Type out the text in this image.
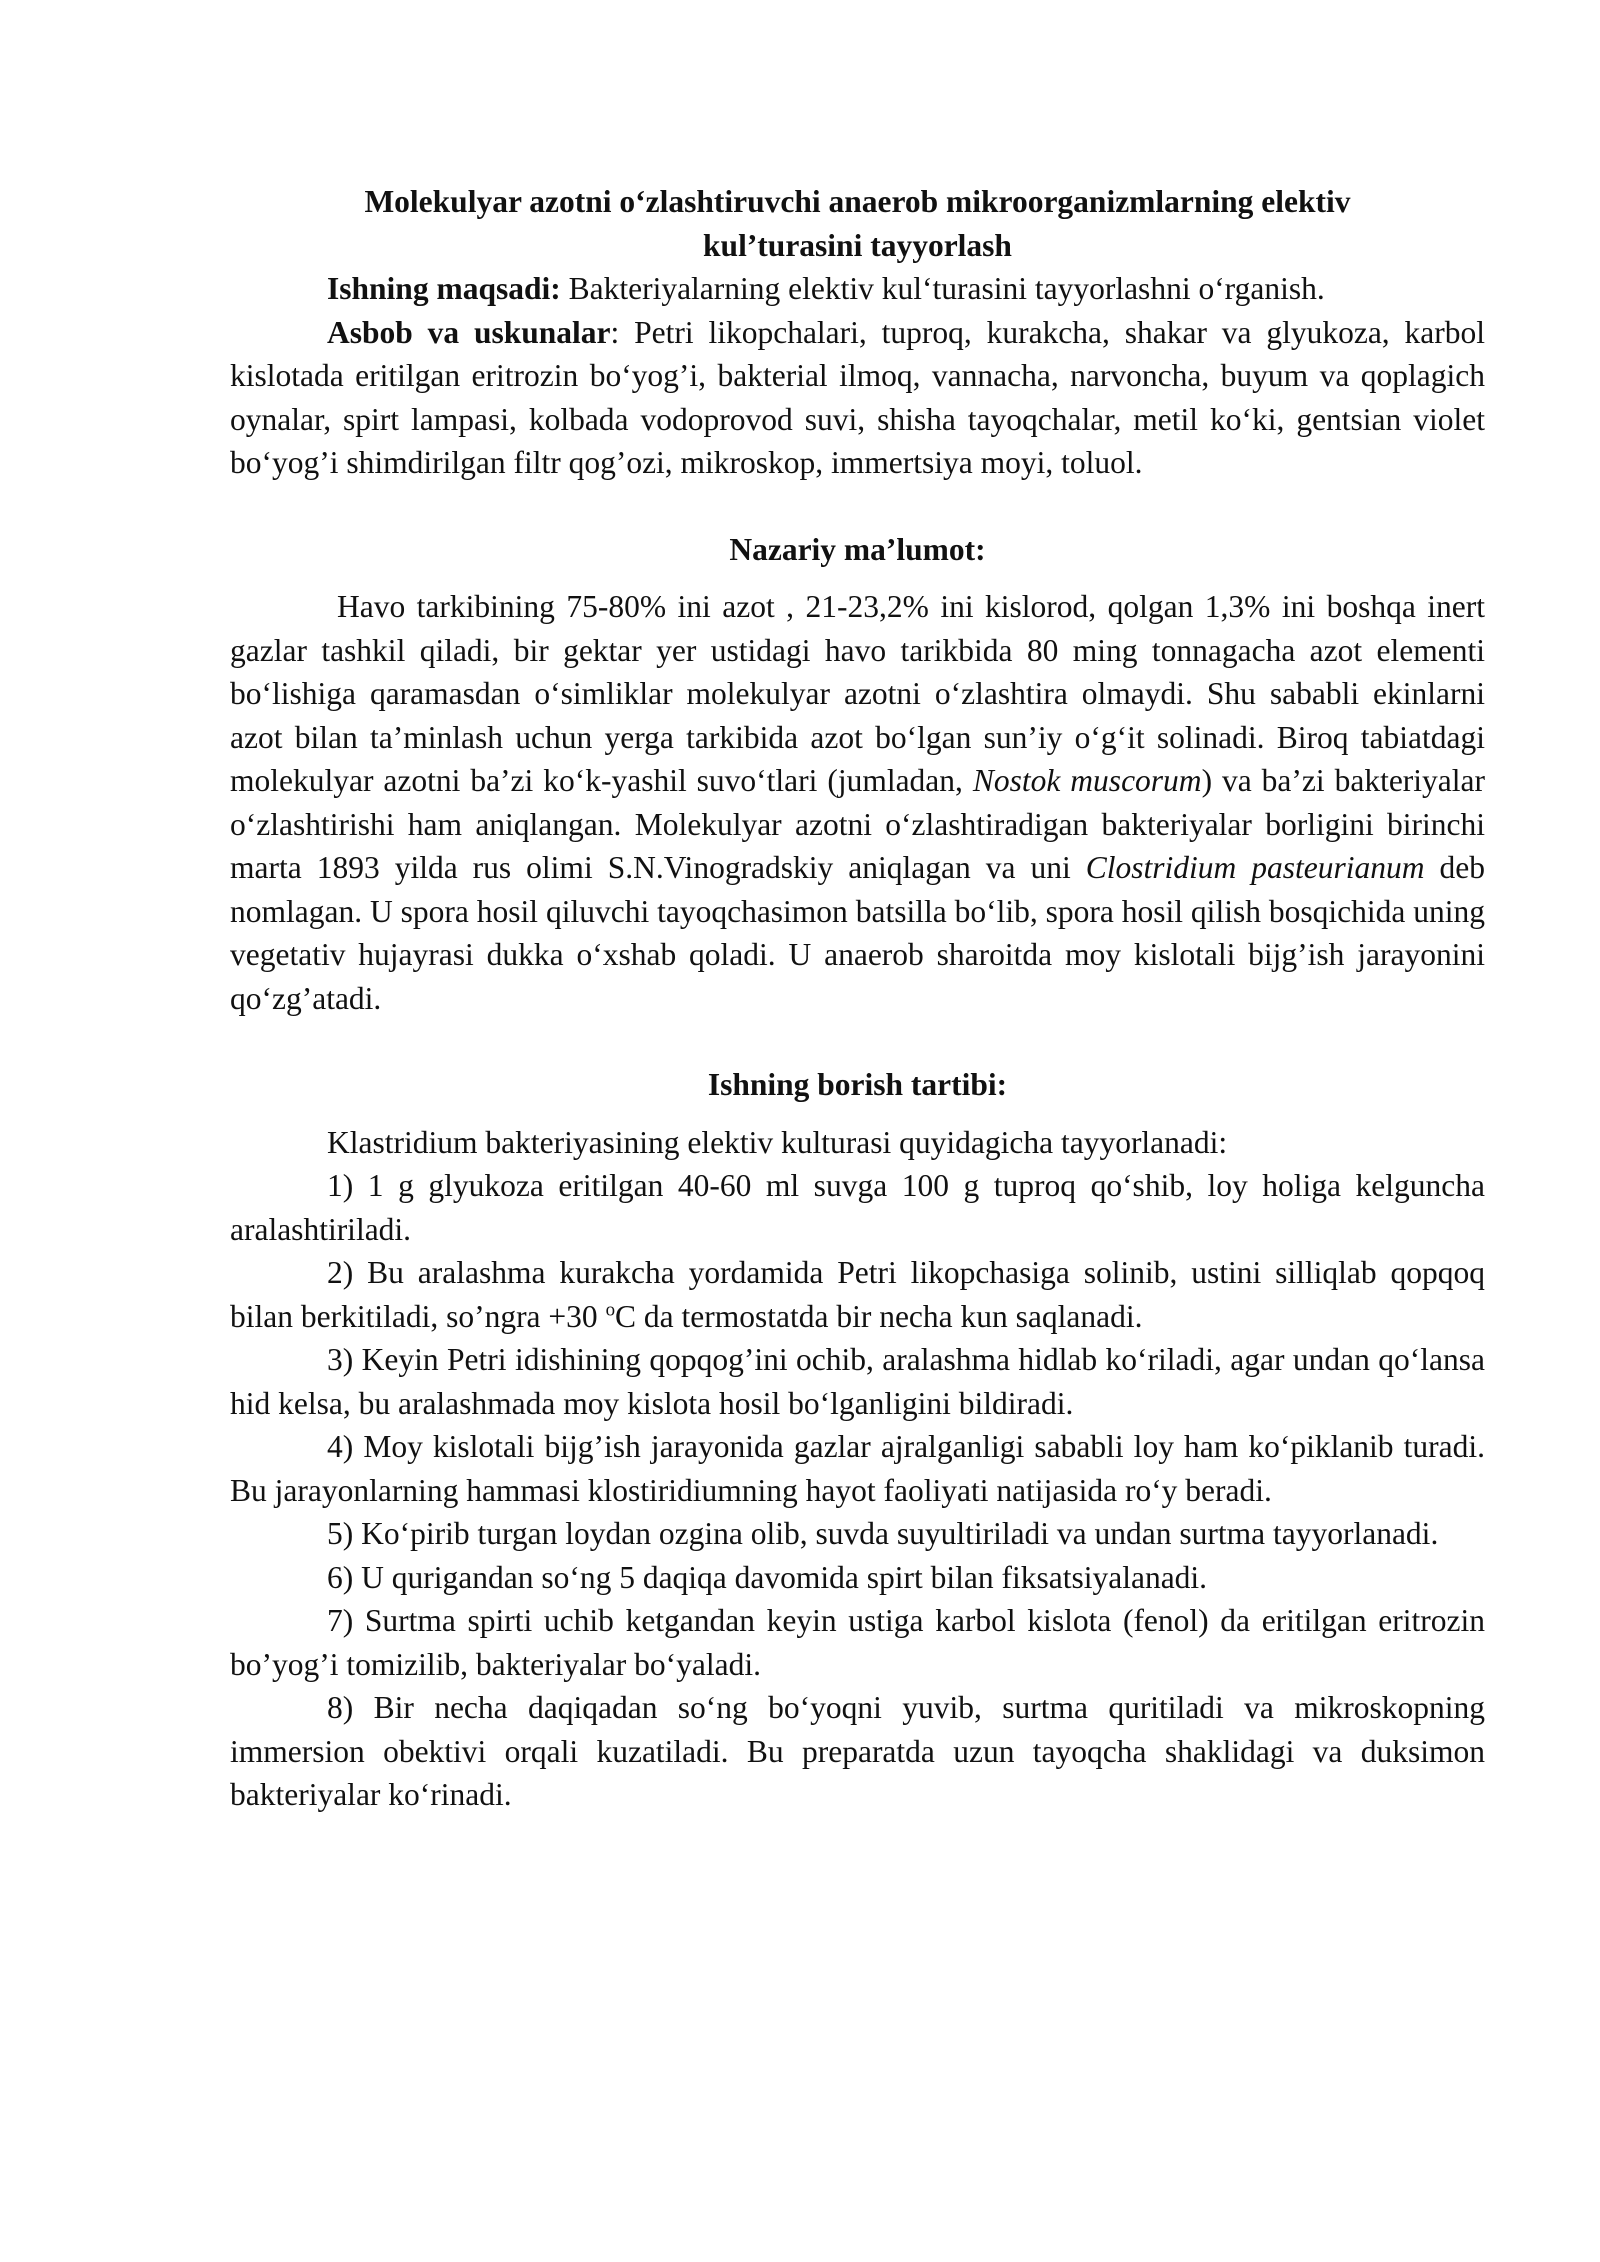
Molekulyar azotni o‘zlashtiruvchi anaerob mikroorganizmlarning elektiv kul’turasini tayyorlash

Ishning maqsadi: Bakteriyalarning elektiv kul‘turasini tayyorlashni o‘rganish.

Asbob va uskunalar: Petri likopchalari, tuproq, kurakcha, shakar va glyukoza, karbol kislotada eritilgan eritrozin bo‘yog’i, bakterial ilmoq, vannacha, narvoncha, buyum va qoplagich oynalar, spirt lampasi, kolbada vodoprovod suvi, shisha tayoqchalar, metil ko‘ki, gentsian violet bo‘yog’i shimdirilgan filtr qog’ozi, mikroskop, immertsiya moyi, toluol.

Nazariy ma’lumot:

Havo tarkibining 75-80% ini azot , 21-23,2% ini kislorod, qolgan 1,3% ini boshqa inert gazlar tashkil qiladi, bir gektar yer ustidagi havo tarikbida 80 ming tonnagacha azot elementi bo‘lishiga qaramasdan o‘simliklar molekulyar azotni o‘zlashtira olmaydi. Shu sababli ekinlarni azot bilan ta’minlash uchun yerga tarkibida azot bo‘lgan sun’iy o‘g‘it solinadi. Biroq tabiatdagi molekulyar azotni ba’zi ko‘k-yashil suvo‘tlari (jumladan, Nostok muscorum) va ba’zi bakteriyalar o‘zlashtirishi ham aniqlangan. Molekulyar azotni o‘zlashtiradigan bakteriyalar borligini birinchi marta 1893 yilda rus olimi S.N.Vinogradskiy aniqlagan va uni Clostridium pasteurianum deb nomlagan. U spora hosil qiluvchi tayoqchasimon batsilla bo‘lib, spora hosil qilish bosqichida uning vegetativ hujayrasi dukka o‘xshab qoladi. U anaerob sharoitda moy kislotali bijg’ish jarayonini qo‘zg’atadi.

Ishning borish tartibi:

Klastridium bakteriyasining elektiv kulturasi quyidagicha tayyorlanadi:

1) 1 g glyukoza eritilgan 40-60 ml suvga 100 g tuproq qo‘shib, loy holiga kelguncha aralashtiriladi.

2) Bu aralashma kurakcha yordamida Petri likopchasiga solinib, ustini silliqlab qopqoq bilan berkitiladi, so’ngra +30 $^o$C da termostatda bir necha kun saqlanadi.

3) Keyin Petri idishining qopqog’ini ochib, aralashma hidlab ko‘riladi, agar undan qo‘lansa hid kelsa, bu aralashmada moy kislota hosil bo‘lganligini bildiradi.

4) Moy kislotali bijg’ish jarayonida gazlar ajralganligi sababli loy ham ko‘piklanib turadi. Bu jarayonlarning hammasi klostiridiumning hayot faoliyati natijasida ro‘y beradi.

5) Ko‘pirib turgan loydan ozgina olib, suvda suyultiriladi va undan surtma tayyorlanadi.

6) U qurigandan so‘ng 5 daqiqa davomida spirt bilan fiksatsiyalanadi.

7) Surtma spirti uchib ketgandan keyin ustiga karbol kislota (fenol) da eritilgan eritrozin bo’yog’i tomizilib, bakteriyalar bo‘yaladi.

8) Bir necha daqiqadan so‘ng bo‘yoqni yuvib, surtma quritiladi va mikroskopning immersion obektivi orqali kuzatiladi. Bu preparatda uzun tayoqcha shaklidagi va duksimon bakteriyalar ko‘rinadi.
